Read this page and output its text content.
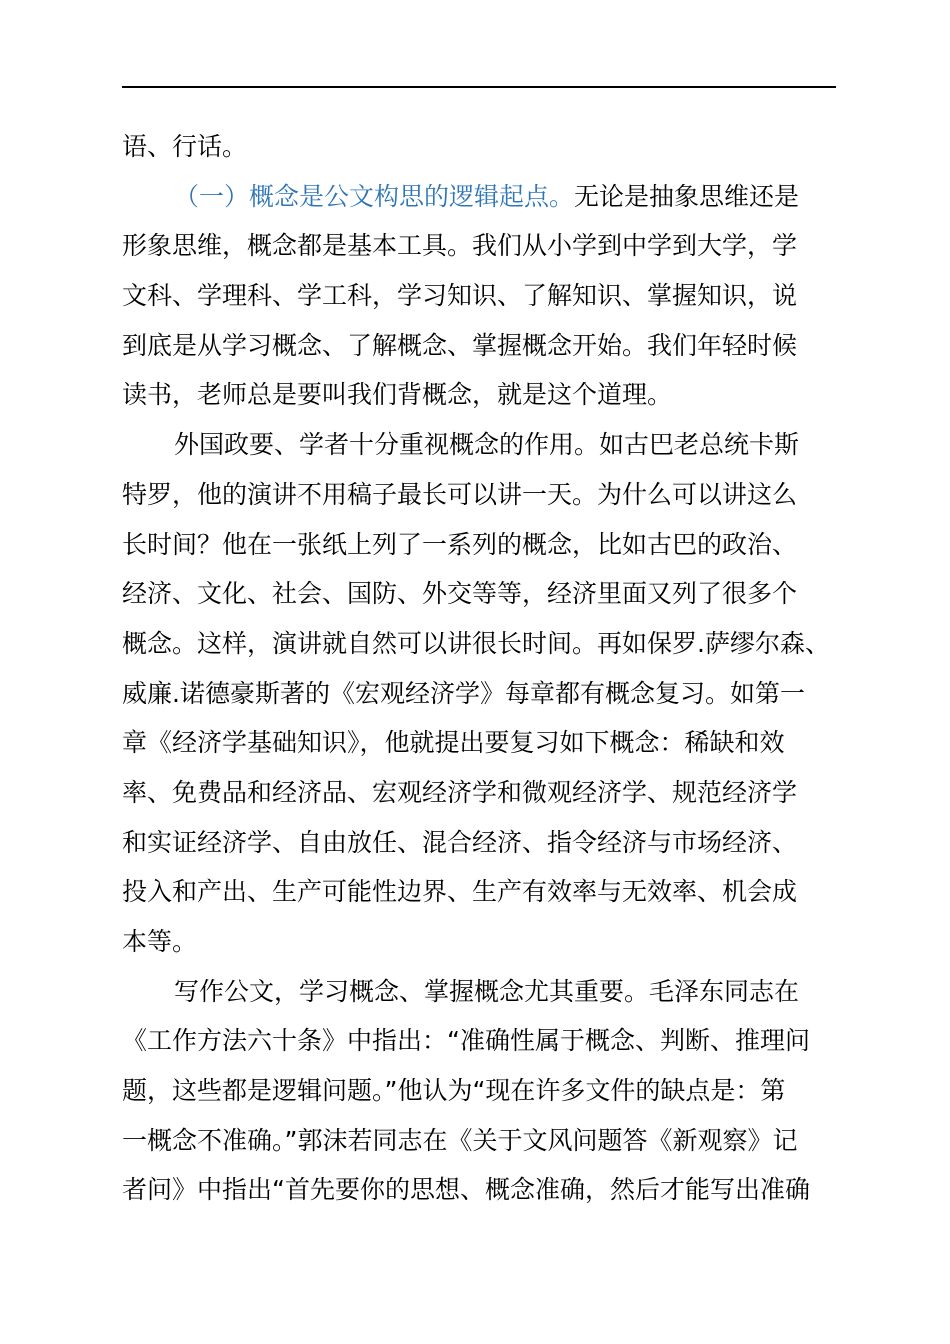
语、行话。
（一）概念是公文构思的逻辑起点。无论是抽象思维还是
形象思维，概念都是基本工具。我们从小学到中学到大学，学
文科、学理科、学工科，学习知识、了解知识、掌握知识，说
到底是从学习概念、了解概念、掌握概念开始。我们年轻时候
读书，老师总是要叫我们背概念，就是这个道理。
外国政要、学者十分重视概念的作用。如古巴老总统卡斯
特罗，他的演讲不用稿子最长可以讲一天。为什么可以讲这么
长时间？他在一张纸上列了一系列的概念，比如古巴的政治、
经济、文化、社会、国防、外交等等，经济里面又列了很多个
概念。这样，演讲就自然可以讲很长时间。再如保罗.萨缪尔森、
威廉.诺德豪斯著的《宏观经济学》每章都有概念复习。如第一
章《经济学基础知识》，他就提出要复习如下概念：稀缺和效
率、免费品和经济品、宏观经济学和微观经济学、规范经济学
和实证经济学、自由放任、混合经济、指令经济与市场经济、
投入和产出、生产可能性边界、生产有效率与无效率、机会成
本等。
写作公文，学习概念、掌握概念尤其重要。毛泽东同志在
《工作方法六十条》中指出：“准确性属于概念、判断、推理问
题，这些都是逻辑问题。”他认为“现在许多文件的缺点是：第
一概念不准确。”郭沫若同志在《关于文风问题答《新观察》记
者问》中指出“首先要你的思想、概念准确，然后才能写出准确
